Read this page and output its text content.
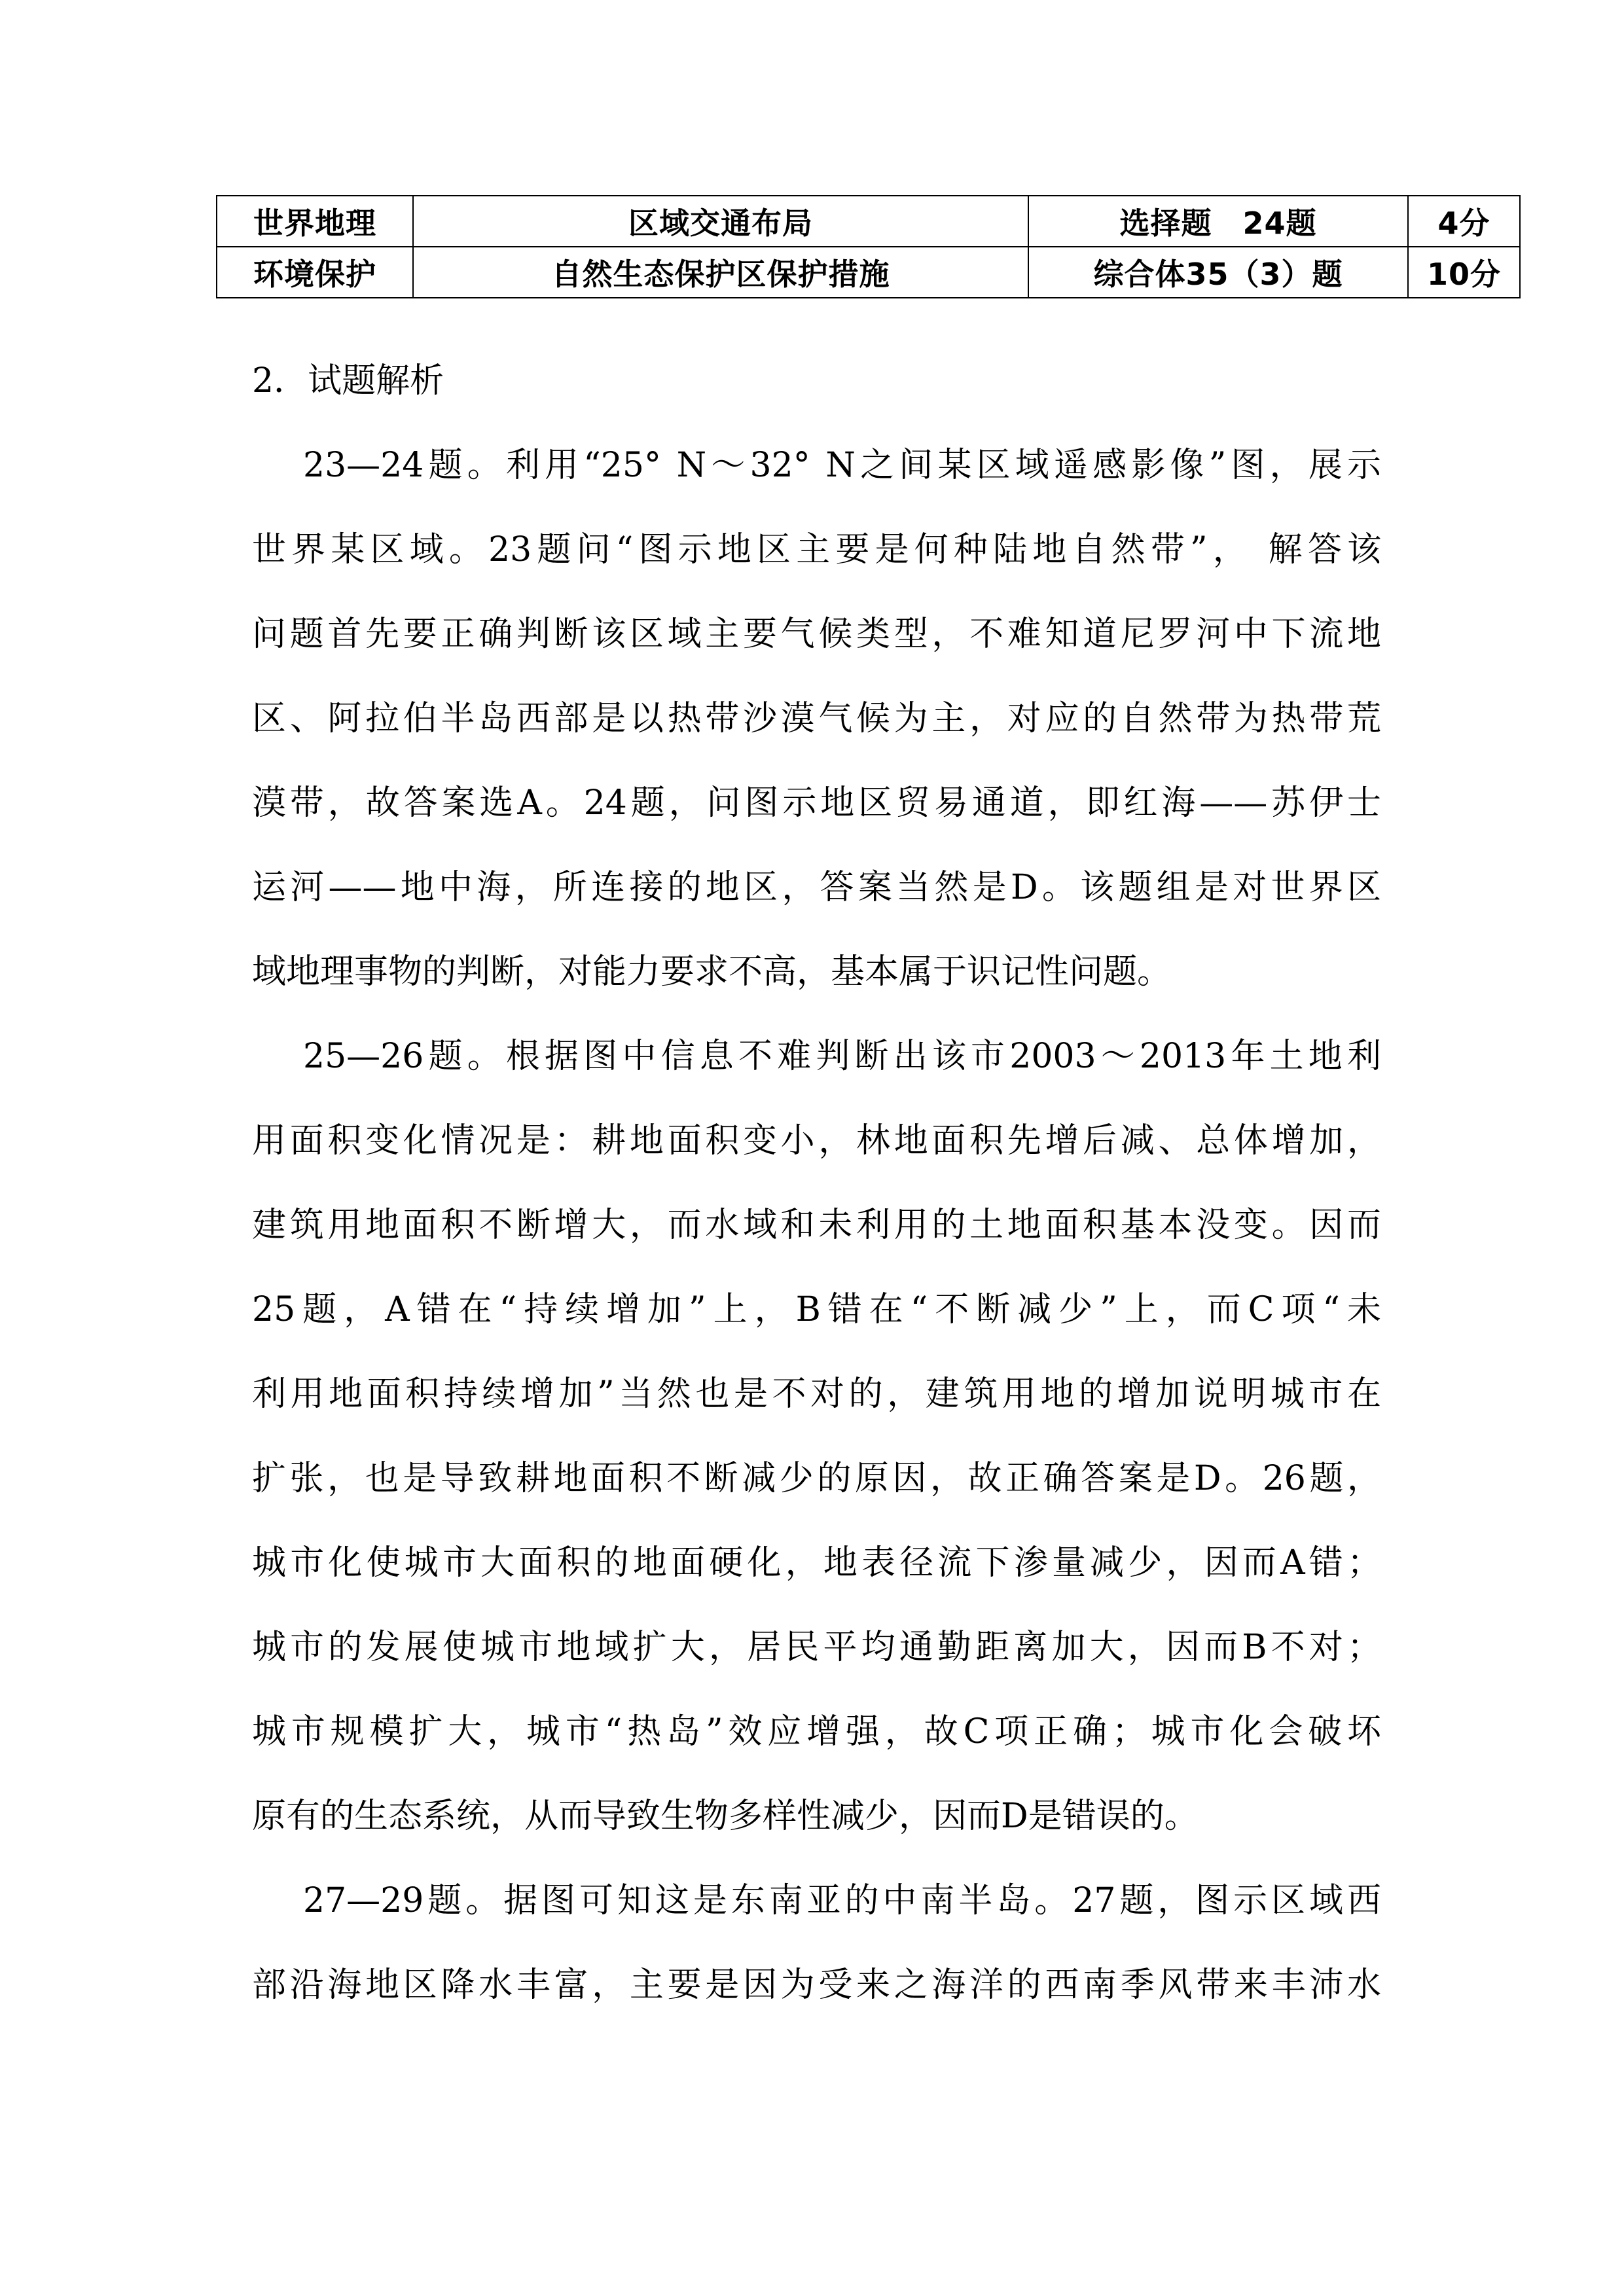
世界地理	区域交通布局	选择题　24题	4分
环境保护	自然生态保护区保护措施	综合体35（3）题	10分

2．试题解析

23—24题。利用“25° N～32° N之间某区域遥感影像”图，展示
世界某区域。23题问“图示地区主要是何种陆地自然带”， 解答该
问题首先要正确判断该区域主要气候类型，不难知道尼罗河中下流地
区、阿拉伯半岛西部是以热带沙漠气候为主，对应的自然带为热带荒
漠带，故答案选A。24题，问图示地区贸易通道，即红海——苏伊士
运河——地中海，所连接的地区，答案当然是D。该题组是对世界区
域地理事物的判断，对能力要求不高，基本属于识记性问题。
25—26题。根据图中信息不难判断出该市2003～2013年土地利
用面积变化情况是：耕地面积变小，林地面积先增后减、总体增加，
建筑用地面积不断增大，而水域和未利用的土地面积基本没变。因而
25题，A错在“持续增加”上，B错在“不断减少”上，而C项“未
利用地面积持续增加”当然也是不对的，建筑用地的增加说明城市在
扩张，也是导致耕地面积不断减少的原因，故正确答案是D。26题，
城市化使城市大面积的地面硬化，地表径流下渗量减少，因而A错；
城市的发展使城市地域扩大，居民平均通勤距离加大，因而B不对；
城市规模扩大，城市“热岛”效应增强，故C项正确；城市化会破坏
原有的生态系统，从而导致生物多样性减少，因而D是错误的。
27—29题。据图可知这是东南亚的中南半岛。27题，图示区域西
部沿海地区降水丰富，主要是因为受来之海洋的西南季风带来丰沛水
